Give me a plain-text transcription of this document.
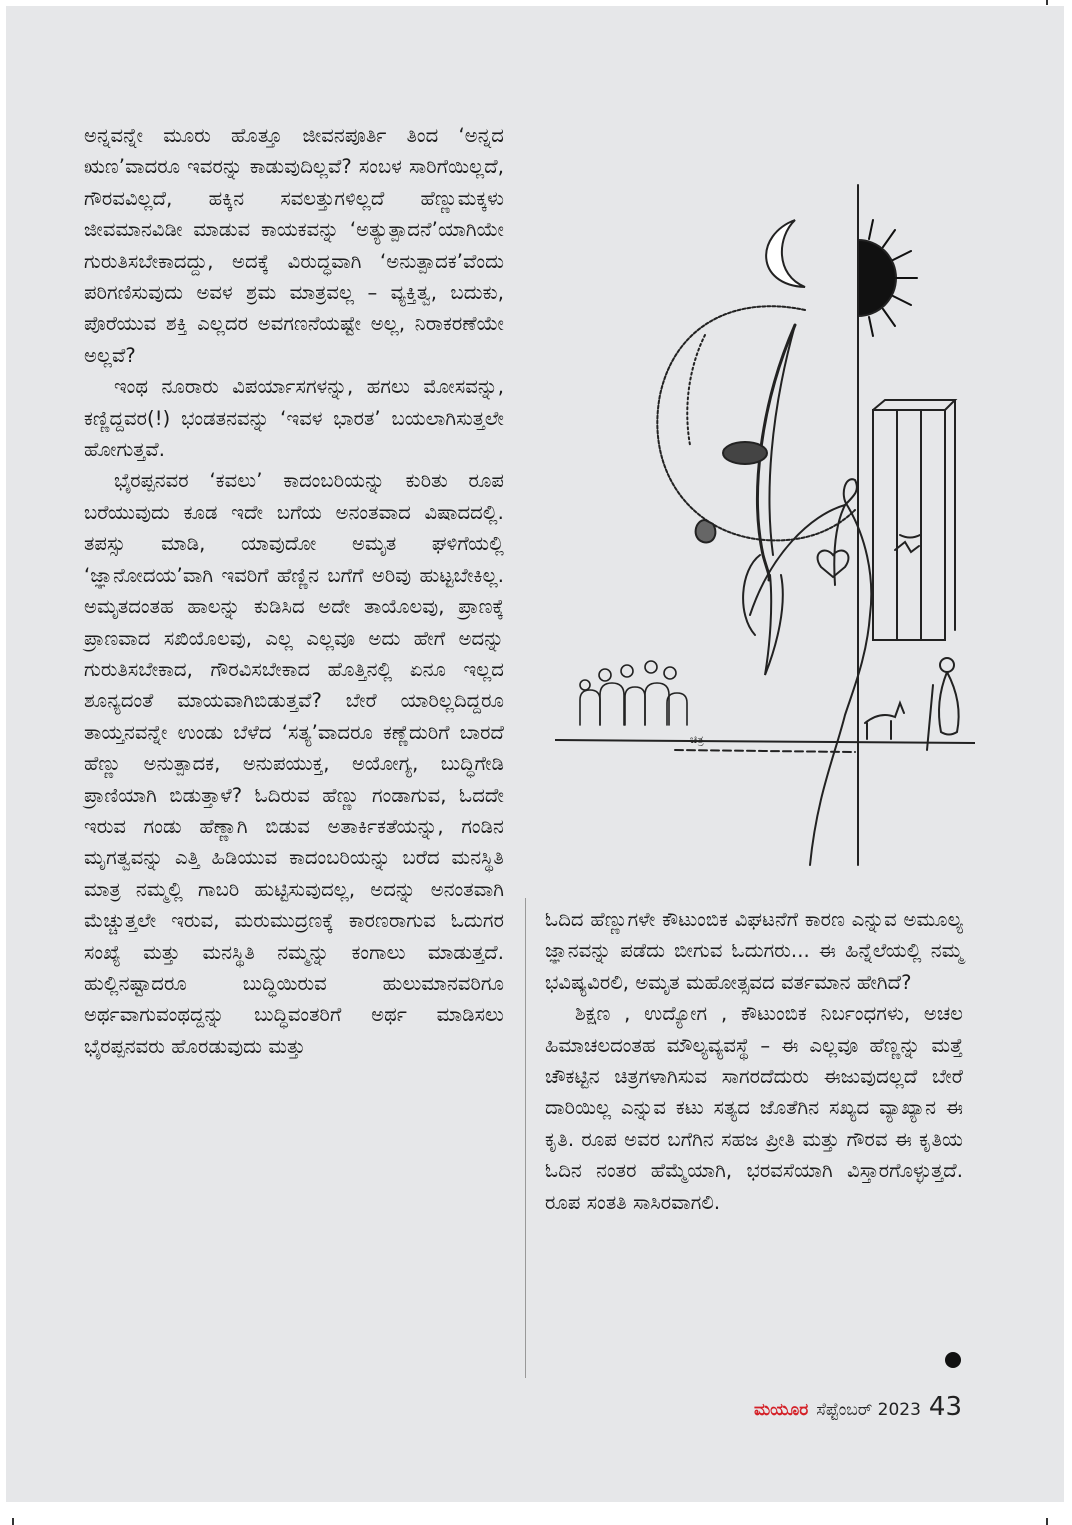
ಅನ್ನವನ್ನೇ ಮೂರು ಹೊತ್ತೂ ಜೀವನಪೂರ್ತಿ ತಿಂದ ‘ಅನ್ನದ ಋಣ’ವಾದರೂ ಇವರನ್ನು ಕಾಡುವುದಿಲ್ಲವೆ? ಸಂಬಳ ಸಾರಿಗೆಯಿಲ್ಲದೆ, ಗೌರವವಿಲ್ಲದೆ, ಹಕ್ಕಿನ ಸವಲತ್ತುಗಳಿಲ್ಲದೆ ಹೆಣ್ಣುಮಕ್ಕಳು ಜೀವಮಾನವಿಡೀ ಮಾಡುವ ಕಾಯಕವನ್ನು ‘ಅತ್ಯುತ್ಪಾದನೆ’ಯಾಗಿಯೇ ಗುರುತಿಸಬೇಕಾದದ್ದು, ಅದಕ್ಕೆ ವಿರುದ್ಧವಾಗಿ ‘ಅನುತ್ಪಾದಕ’ವೆಂದು ಪರಿಗಣಿಸುವುದು ಅವಳ ಶ್ರಮ ಮಾತ್ರವಲ್ಲ – ವ್ಯಕ್ತಿತ್ವ, ಬದುಕು, ಪೊರೆಯುವ ಶಕ್ತಿ ಎಲ್ಲದರ ಅವಗಣನೆಯಷ್ಟೇ ಅಲ್ಲ, ನಿರಾಕರಣೆಯೇ ಅಲ್ಲವೆ?

ಇಂಥ ನೂರಾರು ವಿಪರ್ಯಾಸಗಳನ್ನು, ಹಗಲು ಮೋಸವನ್ನು, ಕಣ್ಣಿದ್ದವರ(!) ಭಂಡತನವನ್ನು ‘ಇವಳ ಭಾರತ’ ಬಯಲಾಗಿಸುತ್ತಲೇ ಹೋಗುತ್ತವೆ.

ಭೈರಪ್ಪನವರ ‘ಕವಲು’ ಕಾದಂಬರಿಯನ್ನು ಕುರಿತು ರೂಪ ಬರೆಯುವುದು ಕೂಡ ಇದೇ ಬಗೆಯ ಅನಂತವಾದ ವಿಷಾದದಲ್ಲಿ. ತಪಸ್ಸು ಮಾಡಿ, ಯಾವುದೋ ಅಮೃತ ಘಳಿಗೆಯಲ್ಲಿ ‘ಜ್ಞಾನೋದಯ’ವಾಗಿ ಇವರಿಗೆ ಹೆಣ್ಣಿನ ಬಗೆಗೆ ಅರಿವು ಹುಟ್ಟಬೇಕಿಲ್ಲ. ಅಮೃತದಂತಹ ಹಾಲನ್ನು ಕುಡಿಸಿದ ಅದೇ ತಾಯೊಲವು, ಪ್ರಾಣಕ್ಕೆ ಪ್ರಾಣವಾದ ಸಖಿಯೊಲವು, ಎಲ್ಲ ಎಲ್ಲವೂ ಅದು ಹೇಗೆ ಅದನ್ನು ಗುರುತಿಸಬೇಕಾದ, ಗೌರವಿಸಬೇಕಾದ ಹೊತ್ತಿನಲ್ಲಿ ಏನೂ ಇಲ್ಲದ ಶೂನ್ಯದಂತೆ ಮಾಯವಾಗಿಬಿಡುತ್ತವೆ? ಬೇರೆ ಯಾರಿಲ್ಲದಿದ್ದರೂ ತಾಯ್ತನವನ್ನೇ ಉಂಡು ಬೆಳೆದ ‘ಸತ್ಯ’ವಾದರೂ ಕಣ್ಣೆದುರಿಗೆ ಬಾರದೆ ಹೆಣ್ಣು ಅನುತ್ಪಾದಕ, ಅನುಪಯುಕ್ತ, ಅಯೋಗ್ಯ, ಬುದ್ಧಿಗೇಡಿ ಪ್ರಾಣಿಯಾಗಿ ಬಿಡುತ್ತಾಳೆ? ಓದಿರುವ ಹೆಣ್ಣು ಗಂಡಾಗುವ, ಓದದೇ ಇರುವ ಗಂಡು ಹೆಣ್ಣಾಗಿ ಬಿಡುವ ಅತಾರ್ಕಿಕತೆಯನ್ನು, ಗಂಡಿನ ಮೃಗತ್ವವನ್ನು ಎತ್ತಿ ಹಿಡಿಯುವ ಕಾದಂಬರಿಯನ್ನು ಬರೆದ ಮನಸ್ಥಿತಿ ಮಾತ್ರ ನಮ್ಮಲ್ಲಿ ಗಾಬರಿ ಹುಟ್ಟಿಸುವುದಲ್ಲ, ಅದನ್ನು ಅನಂತವಾಗಿ ಮೆಚ್ಚುತ್ತಲೇ ಇರುವ, ಮರುಮುದ್ರಣಕ್ಕೆ ಕಾರಣರಾಗುವ ಓದುಗರ ಸಂಖ್ಯೆ ಮತ್ತು ಮನಸ್ಥಿತಿ ನಮ್ಮನ್ನು ಕಂಗಾಲು ಮಾಡುತ್ತದೆ. ಹುಲ್ಲಿನಷ್ಟಾದರೂ ಬುದ್ಧಿಯಿರುವ ಹುಲುಮಾನವರಿಗೂ ಅರ್ಥವಾಗುವಂಥದ್ದನ್ನು ಬುದ್ಧಿವಂತರಿಗೆ ಅರ್ಥ ಮಾಡಿಸಲು ಭೈರಪ್ಪನವರು ಹೊರಡುವುದು ಮತ್ತು

ಓದಿದ ಹೆಣ್ಣುಗಳೇ ಕೌಟುಂಬಿಕ ವಿಘಟನೆಗೆ ಕಾರಣ ಎನ್ನುವ ಅಮೂಲ್ಯ ಜ್ಞಾನವನ್ನು ಪಡೆದು ಬೀಗುವ ಓದುಗರು... ಈ ಹಿನ್ನೆಲೆಯಲ್ಲಿ ನಮ್ಮ ಭವಿಷ್ಯವಿರಲಿ, ಅಮೃತ ಮಹೋತ್ಸವದ ವರ್ತಮಾನ ಹೇಗಿದೆ?

ಶಿಕ್ಷಣ , ಉದ್ಯೋಗ , ಕೌಟುಂಬಿಕ ನಿರ್ಬಂಧಗಳು, ಅಚಲ ಹಿಮಾಚಲದಂತಹ ಮೌಲ್ಯವ್ಯವಸ್ಥೆ – ಈ ಎಲ್ಲವೂ ಹೆಣ್ಣನ್ನು ಮತ್ತೆ ಚೌಕಟ್ಟಿನ ಚಿತ್ರಗಳಾಗಿಸುವ ಸಾಗರದೆದುರು ಈಜುವುದಲ್ಲದೆ ಬೇರೆ ದಾರಿಯಿಲ್ಲ ಎನ್ನುವ ಕಟು ಸತ್ಯದ ಜೊತೆಗಿನ ಸಖ್ಯದ ವ್ಯಾಖ್ಯಾನ ಈ ಕೃತಿ. ರೂಪ ಅವರ ಬಗೆಗಿನ ಸಹಜ ಪ್ರೀತಿ ಮತ್ತು ಗೌರವ ಈ ಕೃತಿಯ ಓದಿನ ನಂತರ ಹೆಮ್ಮೆಯಾಗಿ, ಭರವಸೆಯಾಗಿ ವಿಸ್ತಾರಗೊಳ್ಳುತ್ತದೆ. ರೂಪ ಸಂತತಿ ಸಾಸಿರವಾಗಲಿ.

ಚಿತ್ರ
ಮಯೂರ ಸೆಪ್ಟೆಂಬರ್ 2023 43
